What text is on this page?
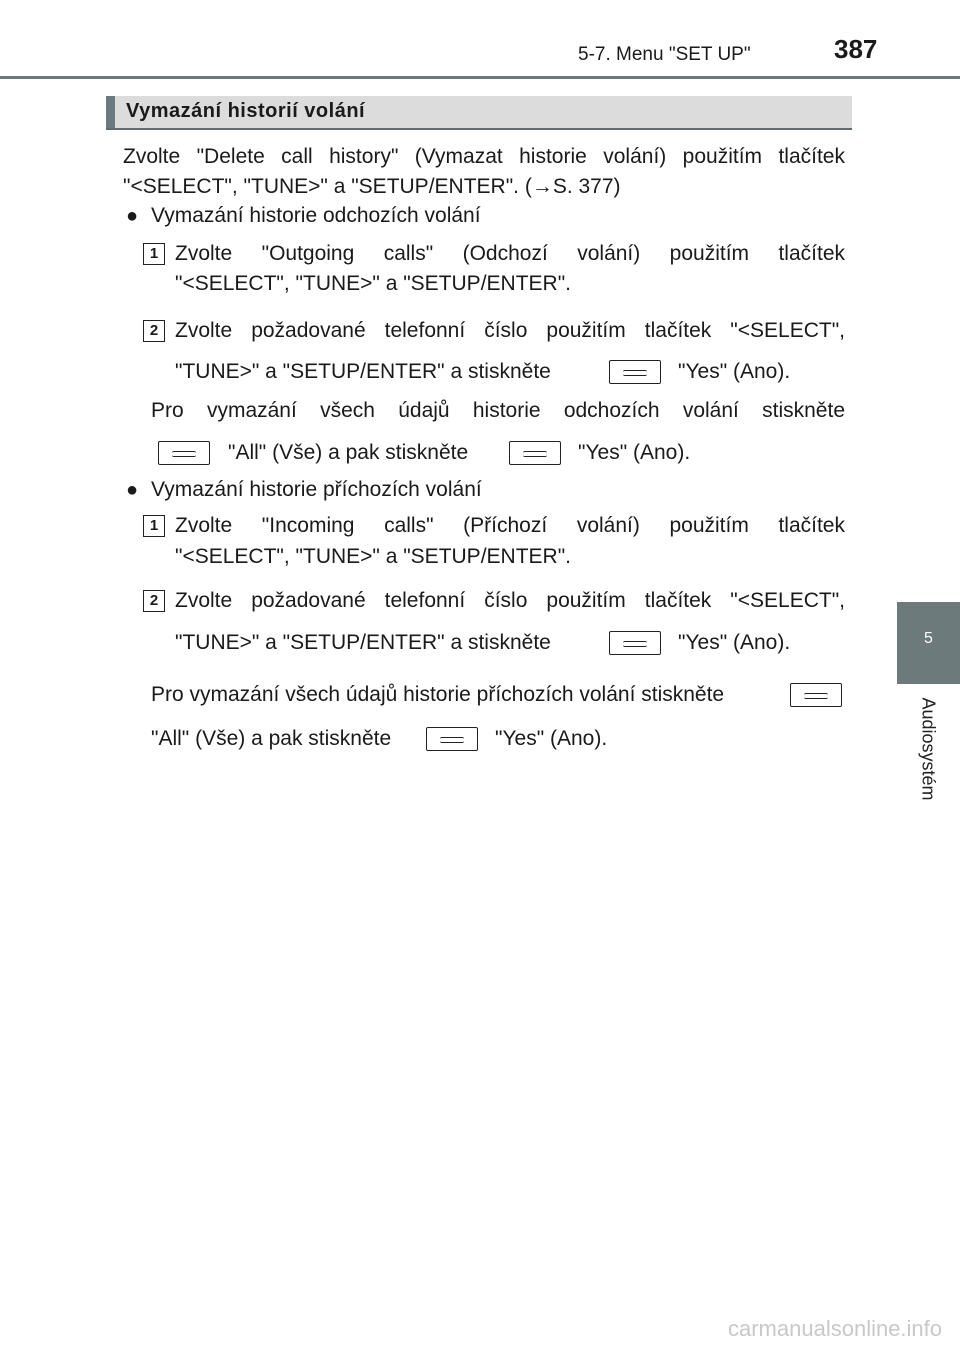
5-7. Menu "SET UP"	387
5
Audiosystém
Vymazání historií volání
Zvolte "Delete call history" (Vymazat historie volání) použitím tlačítek
"<SELECT", "TUNE>" a "SETUP/ENTER". (→S. 377)
● Vymazání historie odchozích volání
1 Zvolte "Outgoing calls" (Odchozí volání) použitím tlačítek
"<SELECT", "TUNE>" a "SETUP/ENTER".
2 Zvolte požadované telefonní číslo použitím tlačítek "<SELECT",
"TUNE>" a "SETUP/ENTER" a stiskněte	"Yes" (Ano).
Pro vymazání všech údajů historie odchozích volání stiskněte
"All" (Vše) a pak stiskněte	"Yes" (Ano).
● Vymazání historie příchozích volání
1 Zvolte "Incoming calls" (Příchozí volání) použitím tlačítek
"<SELECT", "TUNE>" a "SETUP/ENTER".
2 Zvolte požadované telefonní číslo použitím tlačítek "<SELECT",
"TUNE>" a "SETUP/ENTER" a stiskněte	"Yes" (Ano).
Pro vymazání všech údajů historie příchozích volání stiskněte
"All" (Vše) a pak stiskněte	"Yes" (Ano).
carmanualsonline.info
